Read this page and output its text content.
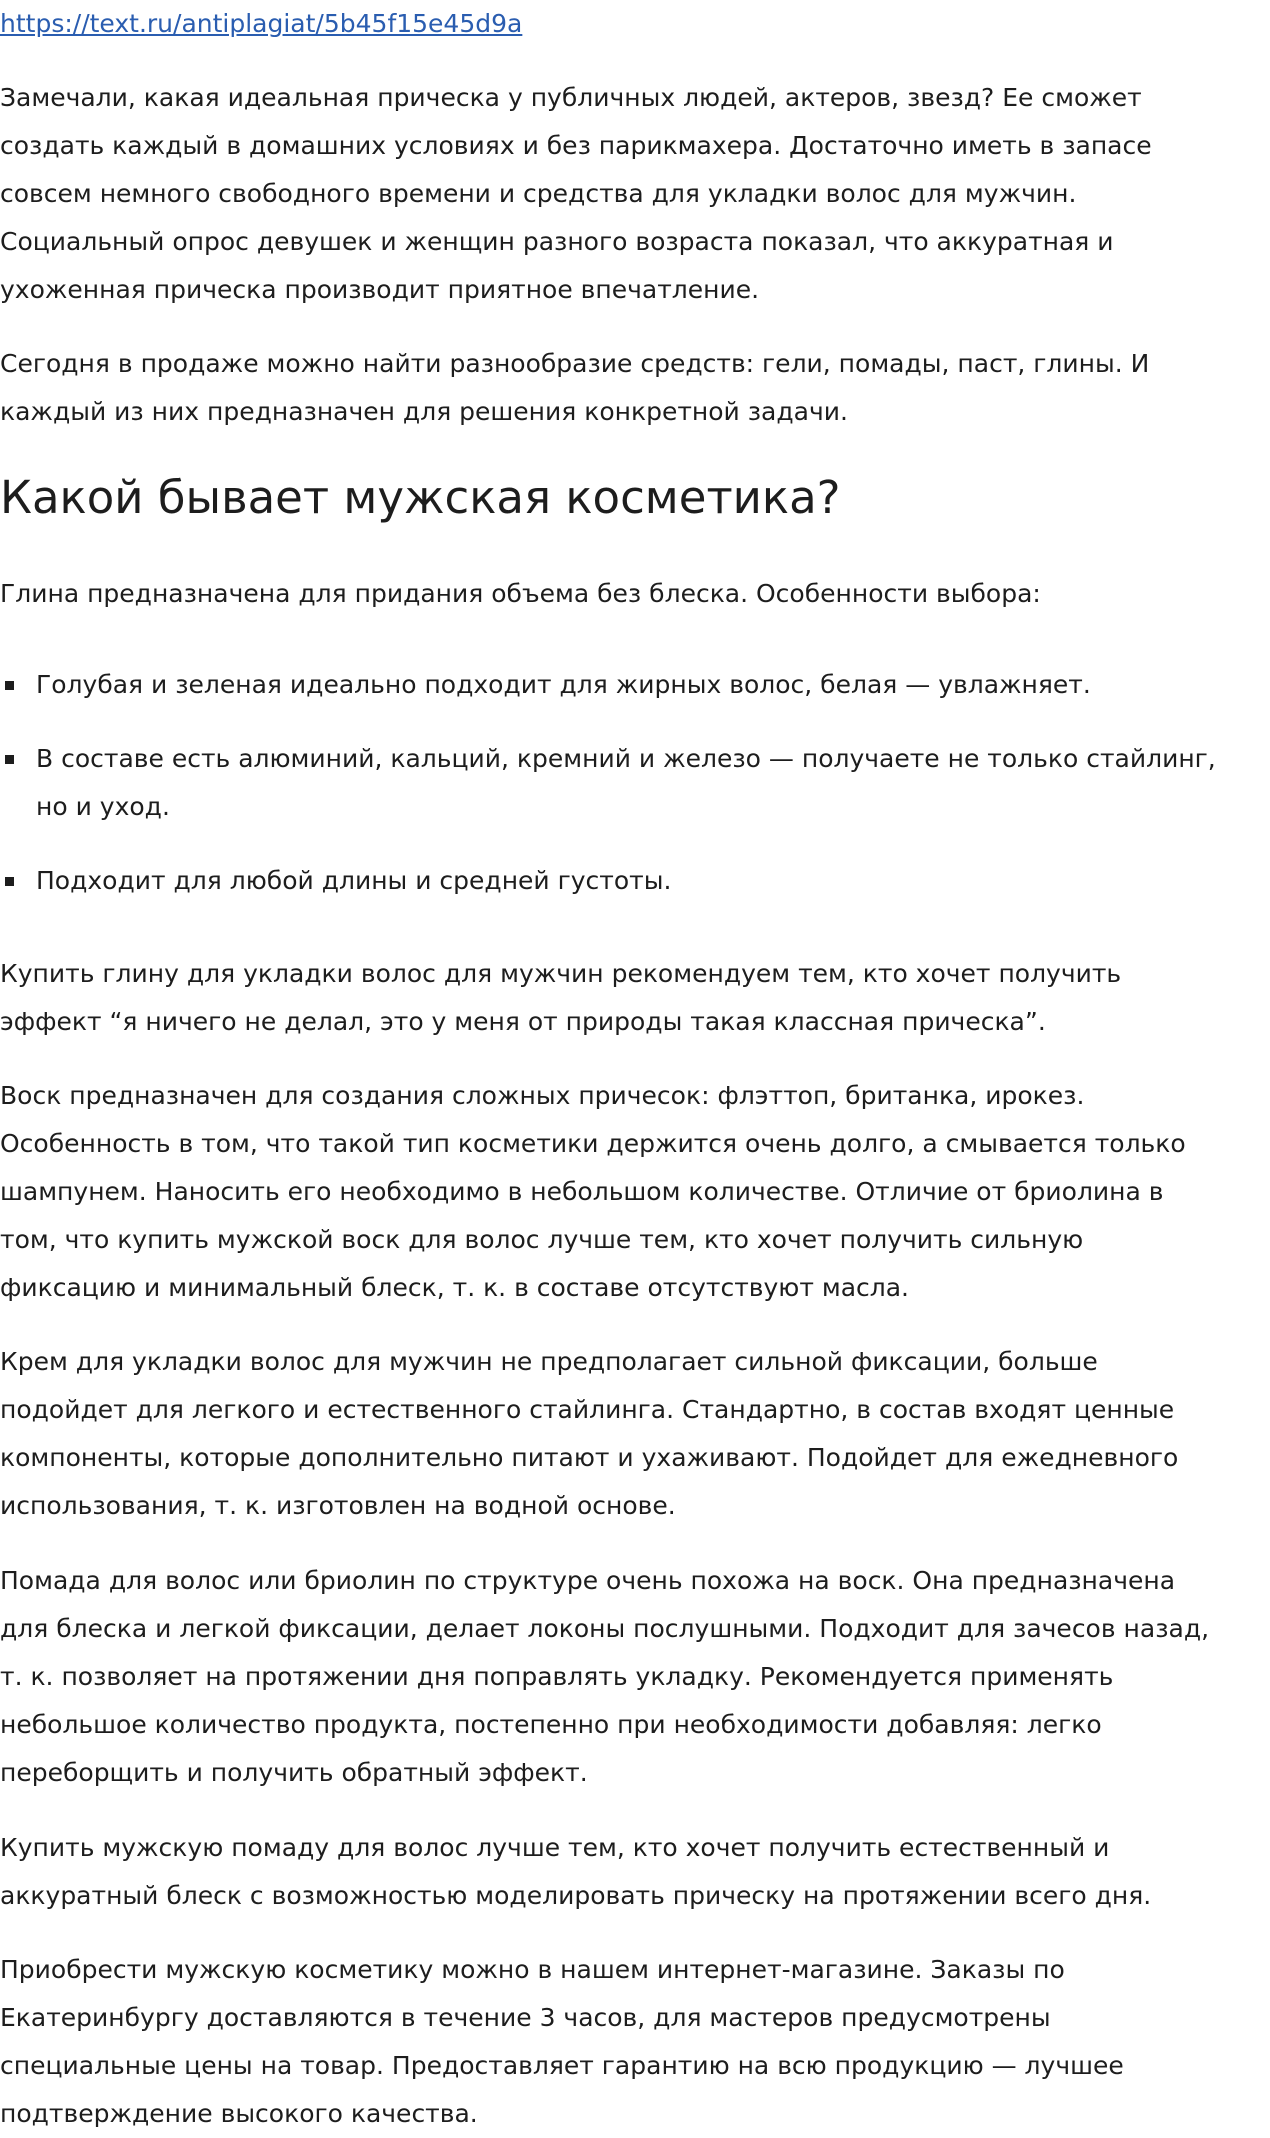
https://text.ru/antiplagiat/5b45f15e45d9a

Замечали, какая идеальная прическа у публичных людей, актеров, звезд? Ее сможет
создать каждый в домашних условиях и без парикмахера. Достаточно иметь в запасе
совсем немного свободного времени и средства для укладки волос для мужчин.
Социальный опрос девушек и женщин разного возраста показал, что аккуратная и
ухоженная прическа производит приятное впечатление.

Сегодня в продаже можно найти разнообразие средств: гели, помады, паст, глины. И
каждый из них предназначен для решения конкретной задачи.

Какой бывает мужская косметика?

Глина предназначена для придания объема без блеска. Особенности выбора:

Голубая и зеленая идеально подходит для жирных волос, белая — увлажняет.
В составе есть алюминий, кальций, кремний и железо — получаете не только стайлинг,
но и уход.
Подходит для любой длины и средней густоты.

Купить глину для укладки волос для мужчин рекомендуем тем, кто хочет получить
эффект “я ничего не делал, это у меня от природы такая классная прическа”.

Воск предназначен для создания сложных причесок: флэттоп, британка, ирокез.
Особенность в том, что такой тип косметики держится очень долго, а смывается только
шампунем. Наносить его необходимо в небольшом количестве. Отличие от бриолина в
том, что купить мужской воск для волос лучше тем, кто хочет получить сильную
фиксацию и минимальный блеск, т. к. в составе отсутствуют масла.

Крем для укладки волос для мужчин не предполагает сильной фиксации, больше
подойдет для легкого и естественного стайлинга. Стандартно, в состав входят ценные
компоненты, которые дополнительно питают и ухаживают. Подойдет для ежедневного
использования, т. к. изготовлен на водной основе.

Помада для волос или бриолин по структуре очень похожа на воск. Она предназначена
для блеска и легкой фиксации, делает локоны послушными. Подходит для зачесов назад,
т. к. позволяет на протяжении дня поправлять укладку. Рекомендуется применять
небольшое количество продукта, постепенно при необходимости добавляя: легко
переборщить и получить обратный эффект.

Купить мужскую помаду для волос лучше тем, кто хочет получить естественный и
аккуратный блеск с возможностью моделировать прическу на протяжении всего дня.

Приобрести мужскую косметику можно в нашем интернет-магазине. Заказы по
Екатеринбургу доставляются в течение 3 часов, для мастеров предусмотрены
специальные цены на товар. Предоставляет гарантию на всю продукцию — лучшее
подтверждение высокого качества.
